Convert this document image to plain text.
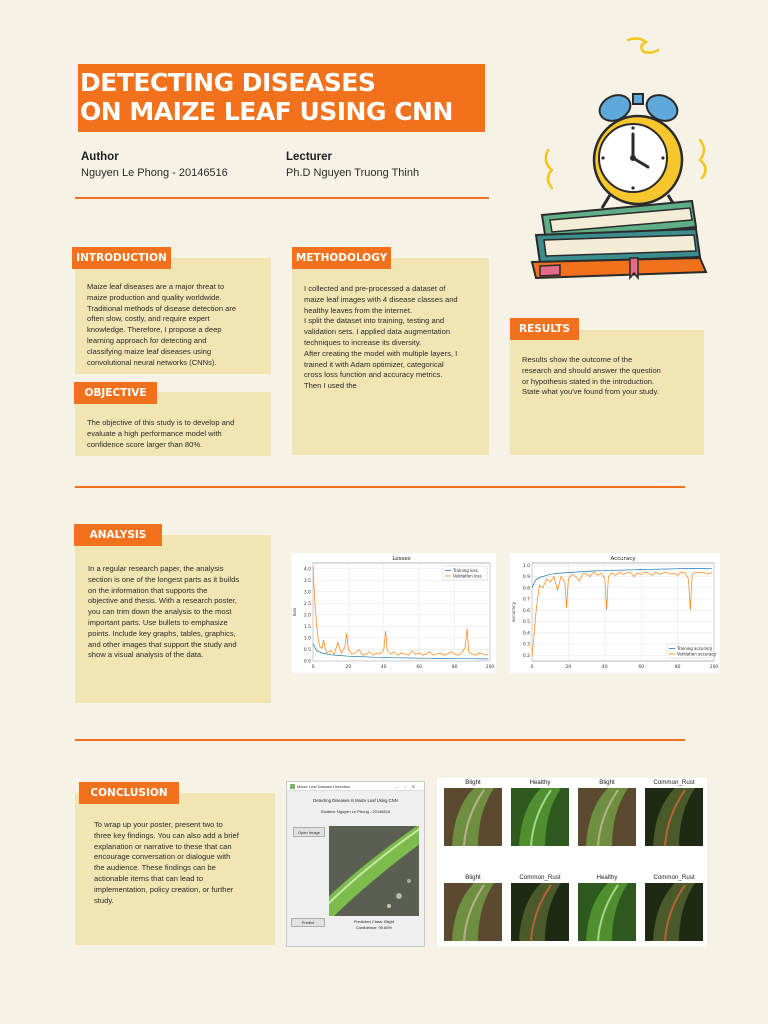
DETECTING DISEASES
ON MAIZE LEAF USING CNN
Author
Nguyen Le Phong - 20146516
Lecturer
Ph.D Nguyen Truong Thinh
INTRODUCTION
Maize leaf diseases are a major threat to
maize production and quality worldwide.
Traditional methods of disease detection are
often slow, costly, and require expert
knowledge. Therefore, I propose a deep
learning approach for detecting and
classifying maize leaf diseases using
convolutional neural networks (CNNs).
OBJECTIVE
The objective of this study is to develop and
evaluate a high performance model with
confidence score larger than 80%.
METHODOLOGY
I collected and pre-processed a dataset of
maize leaf images with 4 disease classes and
healthy leaves from the internet.
I split the dataset into training, testing and
validation sets. I applied data augmentation
techniques to increase its diversity.
After creating the model with multiple layers, I
trained it with Adam optimizer, categorical
cross loss function and accuracy metrics.
Then I used the
RESULTS
Results show the outcome of the
research and should answer the question
or hypothesis stated in the introduction.
State what you've found from your study.
ANALYSIS
In a regular research paper, the analysis
section is one of the longest parts as it builds
on the information that supports the
objective and thesis. With a research poster,
you can trim down the analysis to the most
important parts. Use bullets to emphasize
points. Include key graphs, tables, graphics,
and other images that support the study and
show a visual analysis of the data.
Losses
0	20	40	60	80	100
0.0
0.5
1.0
1.5
2.0
2.5
3.0
3.5
4.0
loss
Training loss
Validation loss
Accuracy
0	20	40	60	80	100
0.2
0.3
0.4
0.5
0.6
0.7
0.8
0.9
1.0
accuracy
Training accuracy
Validation accuracy
CONCLUSION
To wrap up your poster, present two to
three key findings. You can also add a brief
explanation or narrative to these that can
encourage conversation or dialogue with
the audience. These findings can be
actionable items that can lead to
implementation, policy creation, or further
study.
Maize Leaf Disease Detection	–▫✕
Detecting Diseases In Maize Leaf Using CNN
Student: Nguyen Le Phong - 20146516
Open Image
Predict	Predicted Class: Blight
Confidence: 99.65%
Blight	Healthy	Blight	Common_Rust
Blight	Common_Rust	Healthy	Common_Rust
